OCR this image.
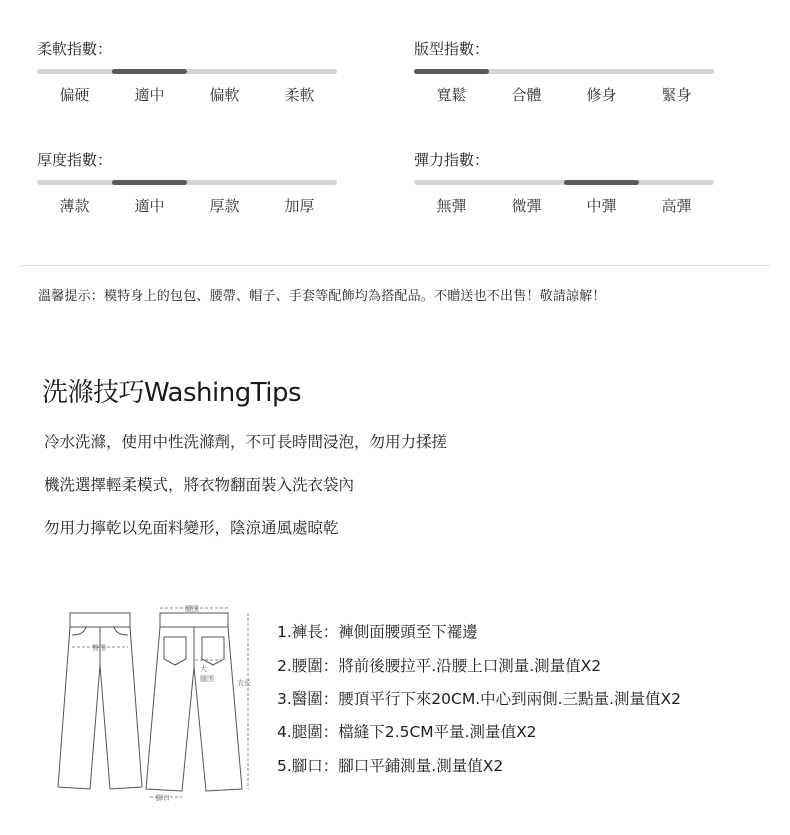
柔軟指數：
偏硬	適中	偏軟	柔軟
版型指數：
寬鬆	合體	修身	緊身
厚度指數：
薄款	適中	厚款	加厚
彈力指數：
無彈	微彈	中彈	高彈
溫馨提示：模特身上的包包、腰帶、帽子、手套等配飾均為搭配品。不贈送也不出售！敬請諒解！
洗滌技巧WashingTips
冷水洗滌，使用中性洗滌劑，不可長時間浸泡，勿用力揉搓
機洗選擇輕柔模式，將衣物翻面裝入洗衣袋內
勿用力擰乾以免面料變形，陰涼通風處晾乾
腰围
臀围
大
腿围	衣长
脚口
1.褲長：褲側面腰頭至下襬邊
2.腰圍：將前後腰拉平.沿腰上口測量.測量值X2
3.醫圍：腰頂平行下來20CM.中心到兩側.三點量.測量值X2
4.腿圍：檔縫下2.5CM平量.測量值X2
5.腳口：腳口平鋪測量.測量值X2
